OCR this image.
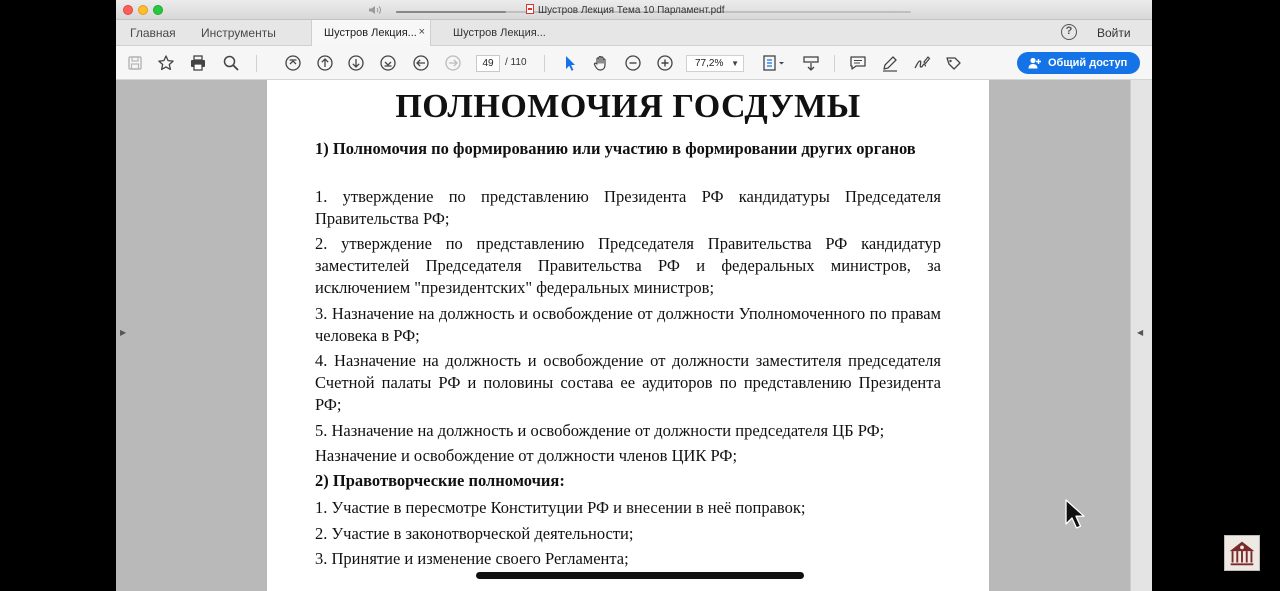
Шустров Лекция Тема 10 Парламент.pdf
Главная Инструменты	Шустров Лекция... ×	Шустров Лекция...	?	Войти
49	/ 110	77,2% ▼	Общий доступ
▶
ПОЛНОМОЧИЯ ГОСДУМЫ
1) Полномочия по формированию или участию в формировании других органов
1. утверждение по представлению Президента РФ кандидатуры Председателя Правительства РФ;
2. утверждение по представлению Председателя Правительства РФ кандидатур заместителей Председателя Правительства РФ и федеральных министров, за исключением "президентских" федеральных министров;
3. Назначение на должность и освобождение от должности Уполномоченного по правам человека в РФ;
4. Назначение на должность и освобождение от должности заместителя председателя Счетной палаты РФ и половины состава ее аудиторов по представлению Президента РФ;
5. Назначение на должность и освобождение от должности председателя ЦБ РФ;
Назначение и освобождение от должности членов ЦИК РФ;
2) Правотворческие полномочия:
1. Участие в пересмотре Конституции РФ и внесении в неё поправок;
2. Участие в законотворческой деятельности;
3. Принятие и изменение своего Регламента;
◀
